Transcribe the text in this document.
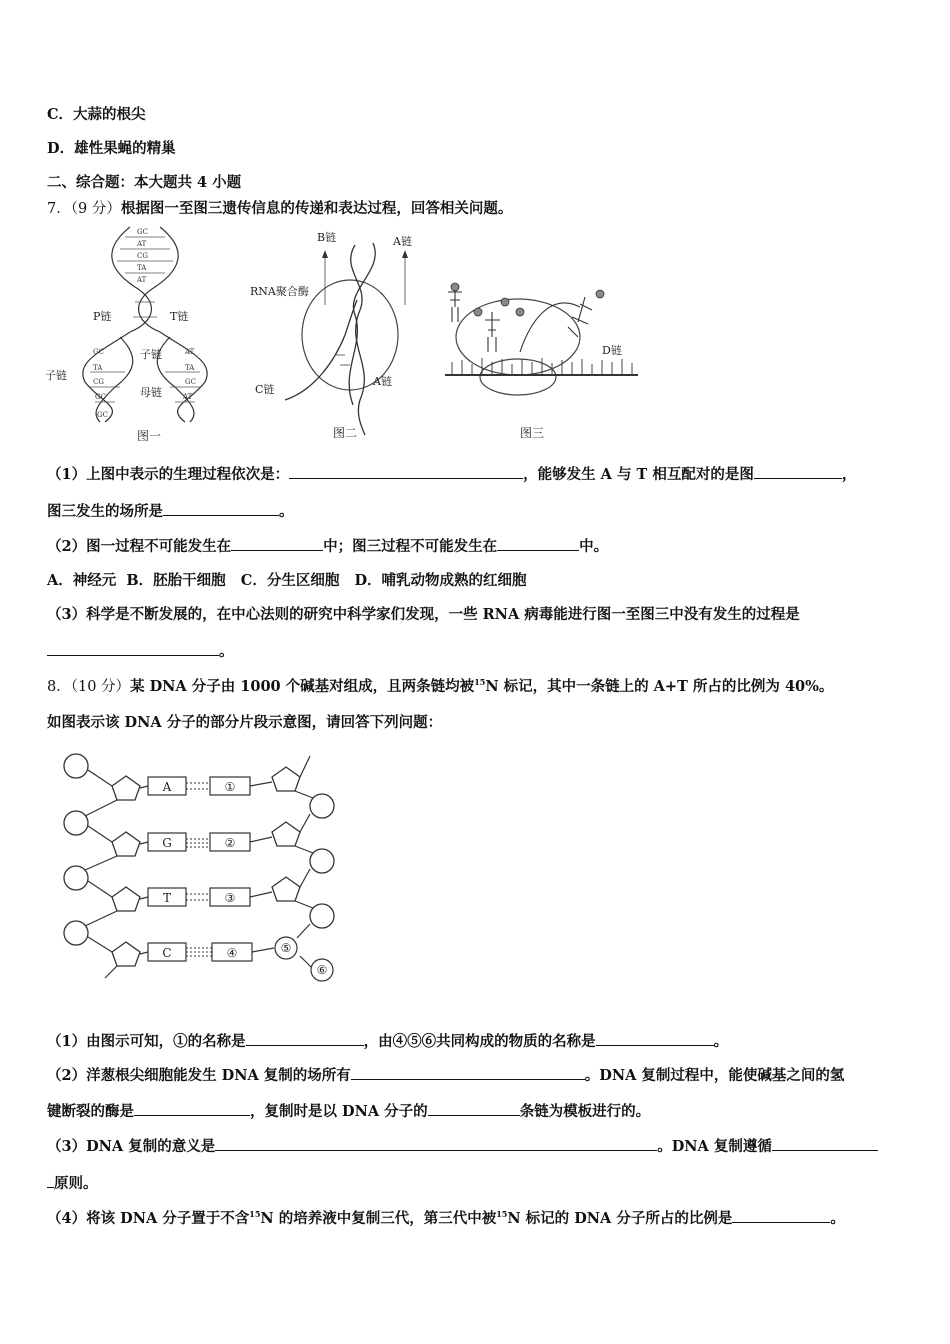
C．大蒜的根尖
D．雄性果蝇的精巢
二、综合题：本大题共 4 小题
7．（9 分）根据图一至图三遗传信息的传递和表达过程，回答相关问题。
GC
AT
CG
TA
AT
GC
TA
CG
GC
AT
TA
GC
AT
GC
P链	T链
子链
子链
母链
图一
B链	A链
RNA聚合酶
C链
A链
图二
D链
图三
（1）上图中表示的生理过程依次是：	，能够发生 A 与 T 相互配对的是图	，
图三发生的场所是	。
（2）图一过程不可能发生在	中；图三过程不可能发生在	中。
A．神经元 B．胚胎干细胞 C．分生区细胞 D．哺乳动物成熟的红细胞
（3）科学是不断发展的，在中心法则的研究中科学家们发现，一些 RNA 病毒能进行图一至图三中没有发生的过程是
。
8．（10 分）某 DNA 分子由 1000 个碱基对组成，且两条链均被$^{15}$N 标记，其中一条链上的 A+T 所占的比例为 40%。
如图表示该 DNA 分子的部分片段示意图，请回答下列问题：
A
G
T
C
①
②
③
④	⑤
⑥
（1）由图示可知，①的名称是	，由④⑤⑥共同构成的物质的名称是	。
（2）洋葱根尖细胞能发生 DNA 复制的场所有	。DNA 复制过程中，能使碱基之间的氢
键断裂的酶是	，复制时是以 DNA 分子的	条链为模板进行的。
（3）DNA 复制的意义是	。DNA 复制遵循
原则。
（4）将该 DNA 分子置于不含$^{15}$N 的培养液中复制三代，第三代中被$^{15}$N 标记的 DNA 分子所占的比例是	。
